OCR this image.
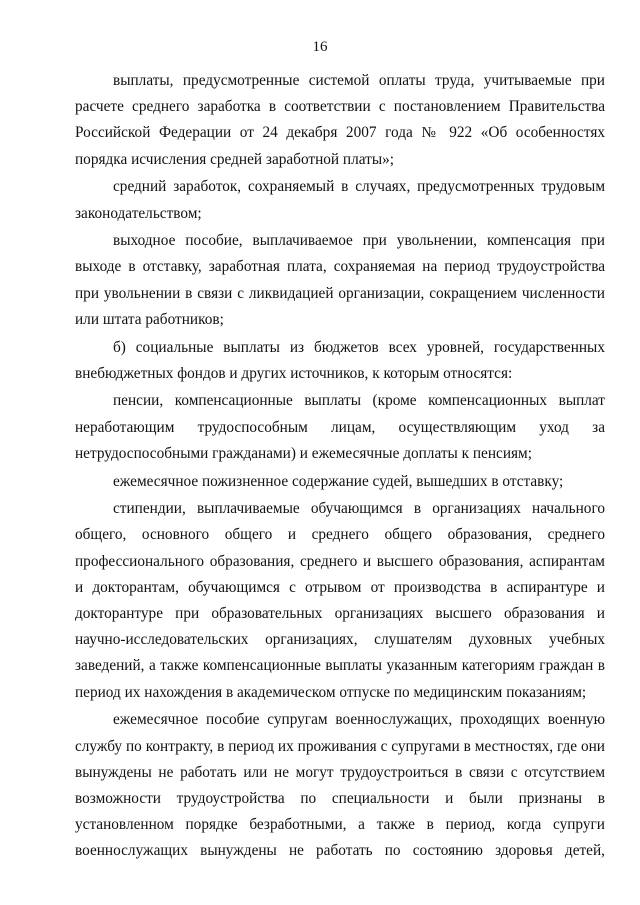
16

выплаты, предусмотренные системой оплаты труда, учитываемые при расчете среднего заработка в соответствии с постановлением Правительства Российской Федерации от 24 декабря 2007 года № 922 «Об особенностях порядка исчисления средней заработной платы»;

средний заработок, сохраняемый в случаях, предусмотренных трудовым законодательством;

выходное пособие, выплачиваемое при увольнении, компенсация при выходе в отставку, заработная плата, сохраняемая на период трудоустройства при увольнении в связи с ликвидацией организации, сокращением численности или штата работников;

б) социальные выплаты из бюджетов всех уровней, государственных внебюджетных фондов и других источников, к которым относятся:

пенсии, компенсационные выплаты (кроме компенсационных выплат неработающим трудоспособным лицам, осуществляющим уход за нетрудоспособными гражданами) и ежемесячные доплаты к пенсиям;

ежемесячное пожизненное содержание судей, вышедших в отставку;

стипендии, выплачиваемые обучающимся в организациях начального общего, основного общего и среднего общего образования, среднего профессионального образования, среднего и высшего образования, аспирантам и докторантам, обучающимся с отрывом от производства в аспирантуре и докторантуре при образовательных организациях высшего образования и научно-исследовательских организациях, слушателям духовных учебных заведений, а также компенсационные выплаты указанным категориям граждан в период их нахождения в академическом отпуске по медицинским показаниям;

ежемесячное пособие супругам военнослужащих, проходящих военную службу по контракту, в период их проживания с супругами в местностях, где они вынуждены не работать или не могут трудоустроиться в связи с отсутствием возможности трудоустройства по специальности и были признаны в установленном порядке безработными, а также в период, когда супруги военнослужащих вынуждены не работать по состоянию здоровья детей,
